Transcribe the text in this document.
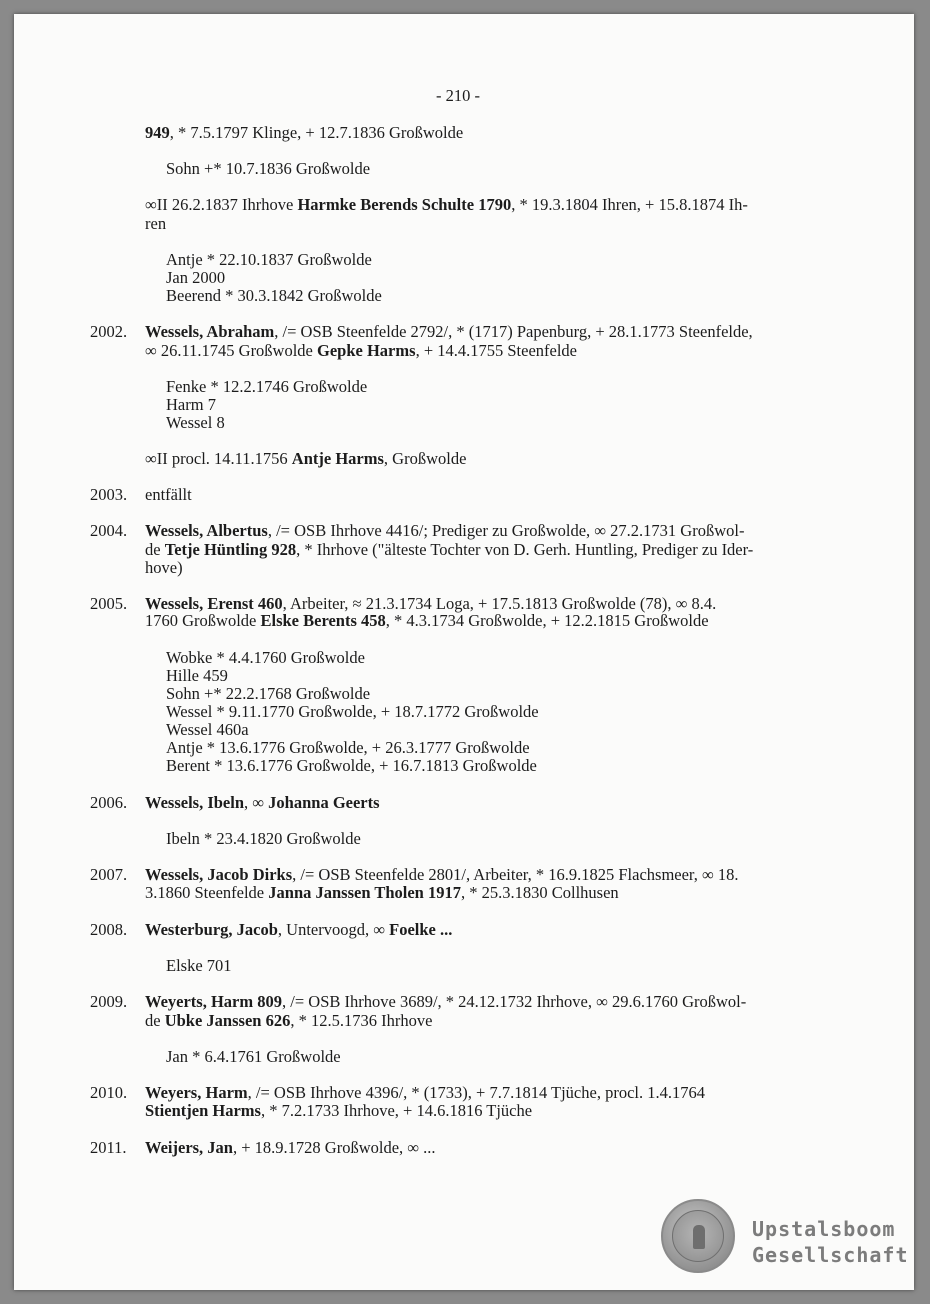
- 210 -
949, * 7.5.1797 Klinge, + 12.7.1836 Großwolde
Sohn +* 10.7.1836 Großwolde
∞II 26.2.1837 Ihrhove Harmke Berends Schulte 1790, * 19.3.1804 Ihren, + 15.8.1874 Ih-
ren
Antje * 22.10.1837 Großwolde
Jan 2000
Beerend * 30.3.1842 Großwolde
2002. Wessels, Abraham, /= OSB Steenfelde 2792/, * (1717) Papenburg, + 28.1.1773 Steenfelde,
∞ 26.11.1745 Großwolde Gepke Harms, + 14.4.1755 Steenfelde
Fenke * 12.2.1746 Großwolde
Harm 7
Wessel 8
∞II procl. 14.11.1756 Antje Harms, Großwolde
2003. entfällt
2004. Wessels, Albertus, /= OSB Ihrhove 4416/; Prediger zu Großwolde, ∞ 27.2.1731 Großwol-
de Tetje Hüntling 928, * Ihrhove ("älteste Tochter von D. Gerh. Huntling, Prediger zu Ider-
hove)
2005. Wessels, Erenst 460, Arbeiter, ≈ 21.3.1734 Loga, + 17.5.1813 Großwolde (78), ∞ 8.4.
1760 Großwolde Elske Berents 458, * 4.3.1734 Großwolde, + 12.2.1815 Großwolde
Wobke * 4.4.1760 Großwolde
Hille 459
Sohn +* 22.2.1768 Großwolde
Wessel * 9.11.1770 Großwolde, + 18.7.1772 Großwolde
Wessel 460a
Antje * 13.6.1776 Großwolde, + 26.3.1777 Großwolde
Berent * 13.6.1776 Großwolde, + 16.7.1813 Großwolde
2006. Wessels, Ibeln, ∞ Johanna Geerts
Ibeln * 23.4.1820 Großwolde
2007. Wessels, Jacob Dirks, /= OSB Steenfelde 2801/, Arbeiter, * 16.9.1825 Flachsmeer, ∞ 18.
3.1860 Steenfelde Janna Janssen Tholen 1917, * 25.3.1830 Collhusen
2008. Westerburg, Jacob, Untervoogd, ∞ Foelke ...
Elske 701
2009. Weyerts, Harm 809, /= OSB Ihrhove 3689/, * 24.12.1732 Ihrhove, ∞ 29.6.1760 Großwol-
de Ubke Janssen 626, * 12.5.1736 Ihrhove
Jan * 6.4.1761 Großwolde
2010. Weyers, Harm, /= OSB Ihrhove 4396/, * (1733), + 7.7.1814 Tjüche, procl. 1.4.1764
Stientjen Harms, * 7.2.1733 Ihrhove, + 14.6.1816 Tjüche
2011. Weijers, Jan, + 18.9.1728 Großwolde, ∞ ...
Upstalsboom
Gesellschaft
